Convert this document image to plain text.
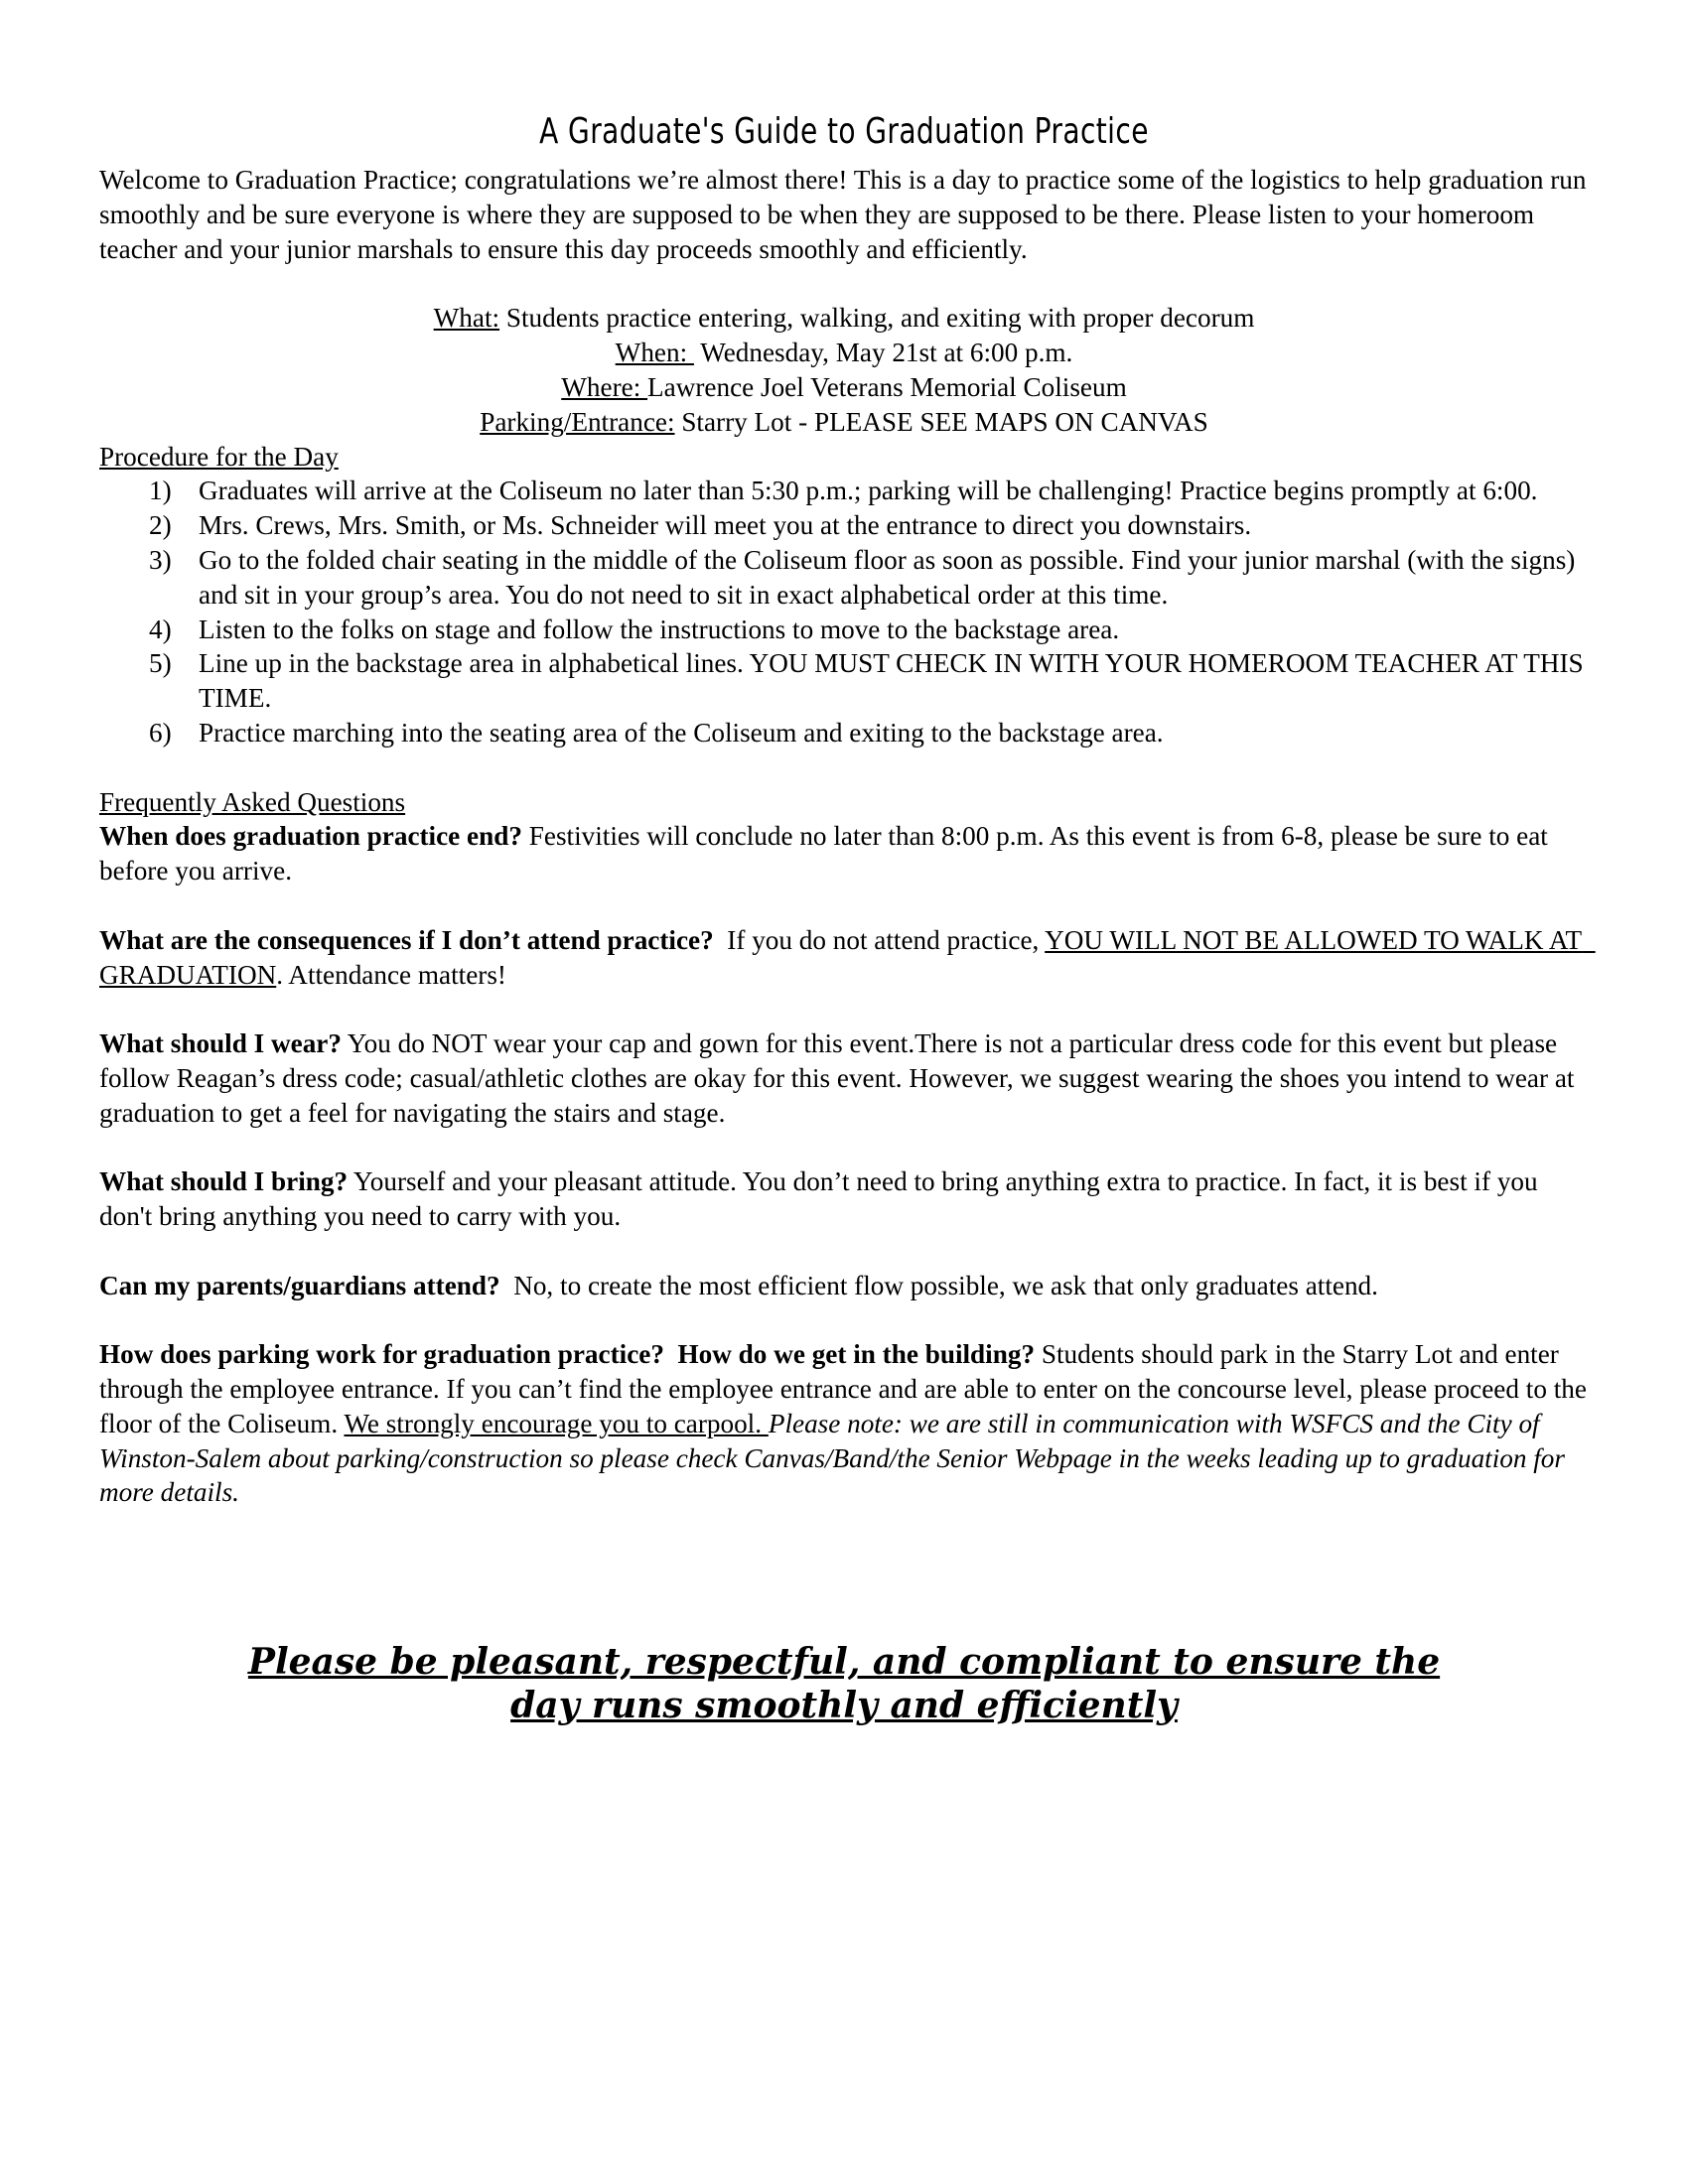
A Graduate's Guide to Graduation Practice

Welcome to Graduation Practice; congratulations we’re almost there! This is a day to practice some of the logistics to help graduation run smoothly and be sure everyone is where they are supposed to be when they are supposed to be there. Please listen to your homeroom teacher and your junior marshals to ensure this day proceeds smoothly and efficiently.

What: Students practice entering, walking, and exiting with proper decorum
When:  Wednesday, May 21st at 6:00 p.m.
Where: Lawrence Joel Veterans Memorial Coliseum
Parking/Entrance: Starry Lot - PLEASE SEE MAPS ON CANVAS

Procedure for the Day

1) Graduates will arrive at the Coliseum no later than 5:30 p.m.; parking will be challenging! Practice begins promptly at 6:00.
2) Mrs. Crews, Mrs. Smith, or Ms. Schneider will meet you at the entrance to direct you downstairs.
3) Go to the folded chair seating in the middle of the Coliseum floor as soon as possible. Find your junior marshal (with the signs) and sit in your group’s area. You do not need to sit in exact alphabetical order at this time.
4) Listen to the folks on stage and follow the instructions to move to the backstage area.
5) Line up in the backstage area in alphabetical lines. YOU MUST CHECK IN WITH YOUR HOMEROOM TEACHER AT THIS TIME.
6) Practice marching into the seating area of the Coliseum and exiting to the backstage area.

Frequently Asked Questions

When does graduation practice end? Festivities will conclude no later than 8:00 p.m. As this event is from 6-8, please be sure to eat before you arrive.

What are the consequences if I don’t attend practice?  If you do not attend practice, YOU WILL NOT BE ALLOWED TO WALK AT  GRADUATION. Attendance matters!

What should I wear? You do NOT wear your cap and gown for this event.There is not a particular dress code for this event but please follow Reagan’s dress code; casual/athletic clothes are okay for this event. However, we suggest wearing the shoes you intend to wear at graduation to get a feel for navigating the stairs and stage.

What should I bring? Yourself and your pleasant attitude. You don’t need to bring anything extra to practice. In fact, it is best if you don't bring anything you need to carry with you.

Can my parents/guardians attend?  No, to create the most efficient flow possible, we ask that only graduates attend.

How does parking work for graduation practice?  How do we get in the building? Students should park in the Starry Lot and enter through the employee entrance. If you can’t find the employee entrance and are able to enter on the concourse level, please proceed to the floor of the Coliseum. We strongly encourage you to carpool. Please note: we are still in communication with WSFCS and the City of Winston-Salem about parking/construction so please check Canvas/Band/the Senior Webpage in the weeks leading up to graduation for more details.

Please be pleasant, respectful, and compliant to ensure the
day runs smoothly and efficiently
